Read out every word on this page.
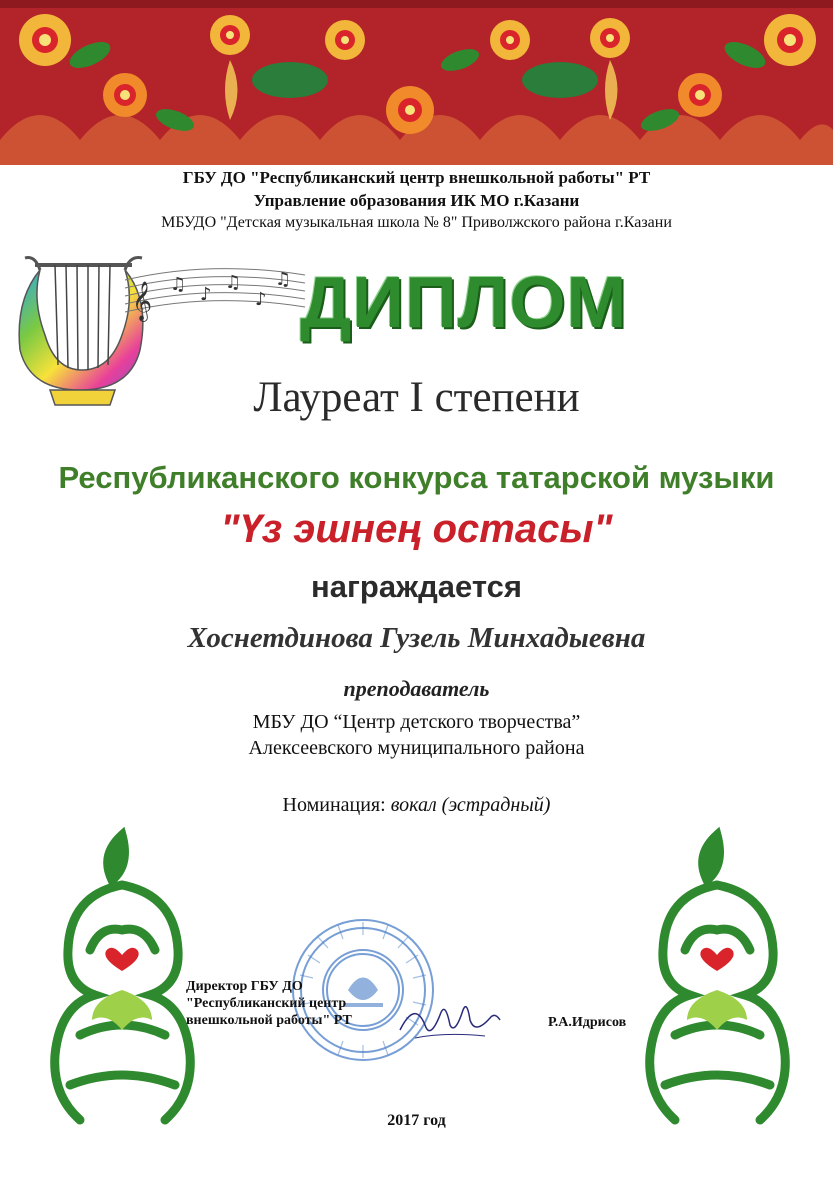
ГБУ ДО "Республиканский центр внешкольной работы" РТ
Управление образования ИК МО г.Казани
МБУДО "Детская музыкальная школа № 8" Приволжского района г.Казани
𝄞 ♫ ♪
♫
♪
♫ ДИПЛОМ
Лауреат I степени
Республиканского конкурса татарской музыки
"Үз эшнең остасы"
награждается
Хоснетдинова Гузель Минхадыевна
преподаватель
МБУ ДО “Центр детского творчества”
Алексеевского муниципального района
Номинация: вокал (эстрадный)
Директор ГБУ ДО
"Республиканский центр
внешкольной работы" РТ	Р.А.Идрисов
2017 год
